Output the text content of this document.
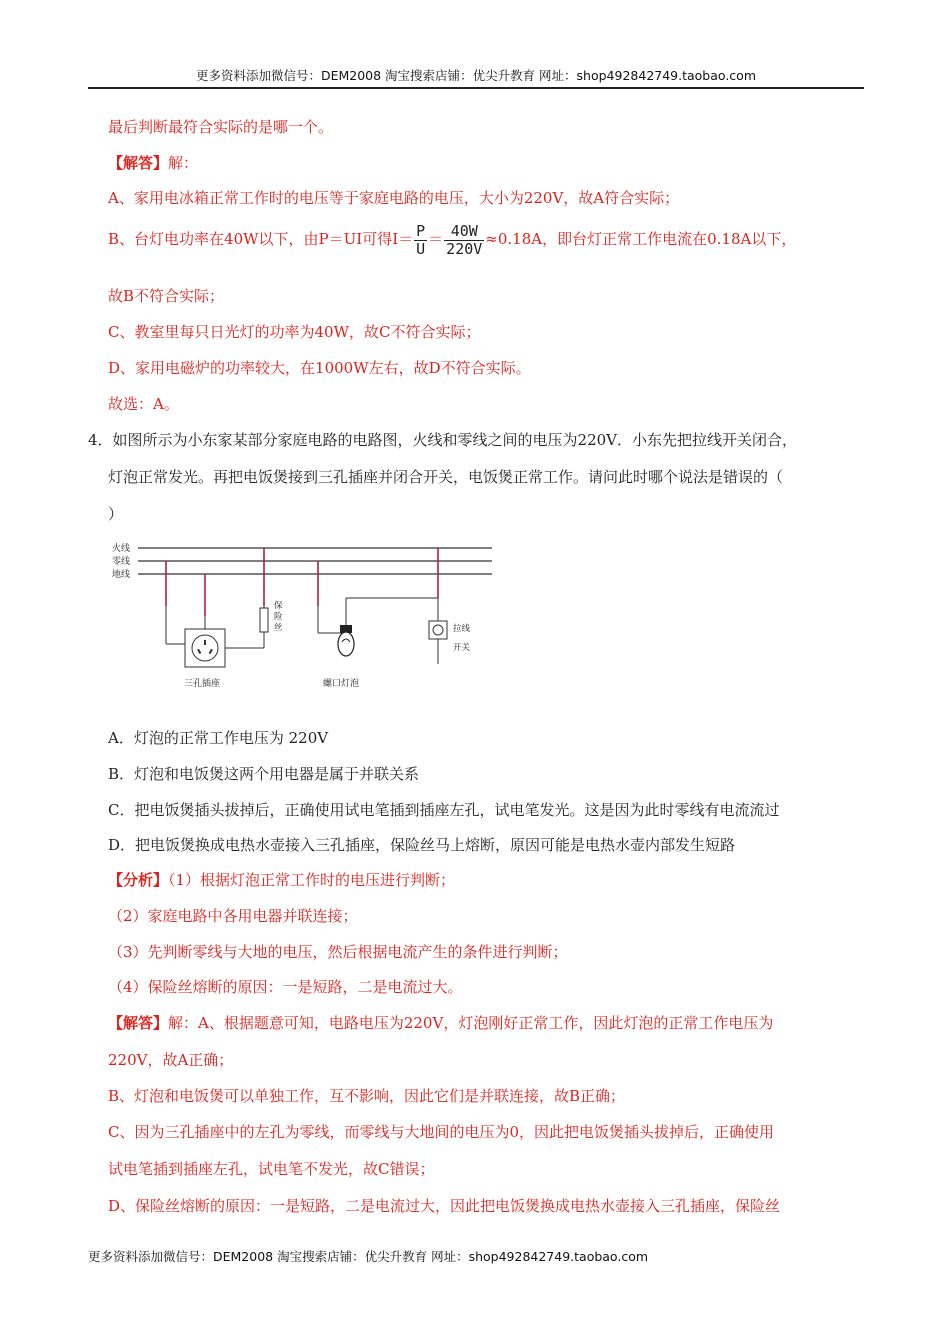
更多资料添加微信号：DEM2008 淘宝搜索店铺：优尖升教育 网址：shop492842749.taobao.com
最后判断最符合实际的是哪一个。
【解答】解：
A、家用电冰箱正常工作时的电压等于家庭电路的电压，大小为220V，故A符合实际；
B、台灯电功率在40W以下，由P＝UI可得$I= \frac{P}{U} = \frac{40W}{220V} \approx 0.18A$，即台灯正常工作电流在0.18A以下，
故B不符合实际；
C、教室里每只日光灯的功率为40W，故C不符合实际；
D、家用电磁炉的功率较大，在1000W左右，故D不符合实际。
故选：A。
4．如图所示为小东家某部分家庭电路的电路图，火线和零线之间的电压为220V．小东先把拉线开关闭合，
灯泡正常发光。再把电饭煲接到三孔插座并闭合开关，电饭煲正常工作。请问此时哪个说法是错误的（
）
火线
零线
地线
保险丝
三孔插座	螺口灯泡
拉线开关
A．灯泡的正常工作电压为 220V
B．灯泡和电饭煲这两个用电器是属于并联关系
C．把电饭煲插头拔掉后，正确使用试电笔插到插座左孔，试电笔发光。这是因为此时零线有电流流过
D．把电饭煲换成电热水壶接入三孔插座，保险丝马上熔断，原因可能是电热水壶内部发生短路
【分析】（1）根据灯泡正常工作时的电压进行判断；
（2）家庭电路中各用电器并联连接；
（3）先判断零线与大地的电压，然后根据电流产生的条件进行判断；
（4）保险丝熔断的原因：一是短路，二是电流过大。
【解答】解：A、根据题意可知，电路电压为220V，灯泡刚好正常工作，因此灯泡的正常工作电压为
220V，故A正确；
B、灯泡和电饭煲可以单独工作，互不影响，因此它们是并联连接，故B正确；
C、因为三孔插座中的左孔为零线，而零线与大地间的电压为0，因此把电饭煲插头拔掉后，正确使用
试电笔插到插座左孔，试电笔不发光，故C错误；
D、保险丝熔断的原因：一是短路，二是电流过大，因此把电饭煲换成电热水壶接入三孔插座，保险丝
更多资料添加微信号：DEM2008 淘宝搜索店铺：优尖升教育 网址：shop492842749.taobao.com
